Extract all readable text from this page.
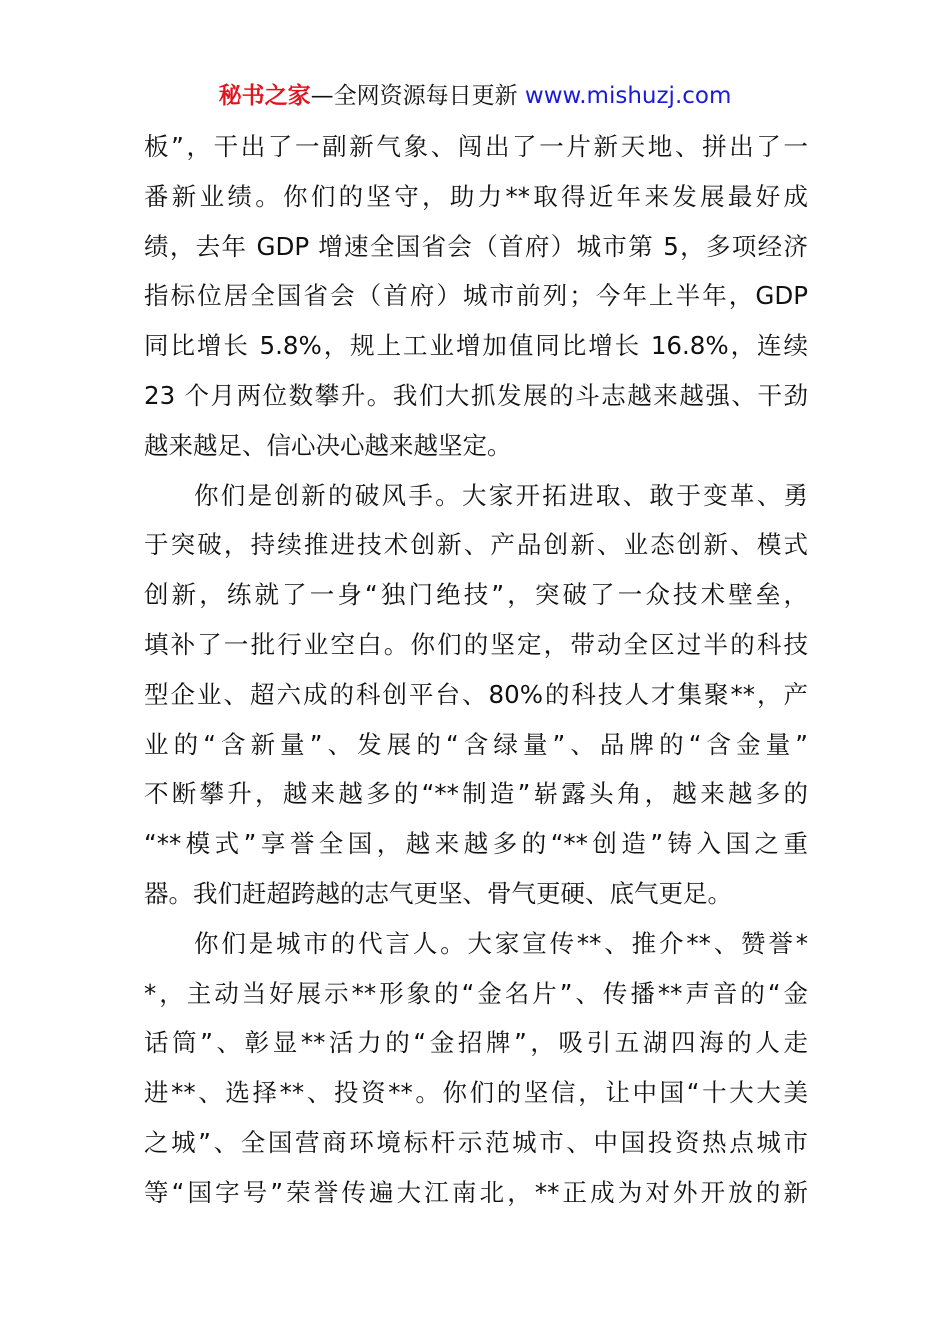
秘书之家—全网资源每日更新 www.mishuzj.com
板”，干出了一副新气象、闯出了一片新天地、拼出了一
番新业绩。你们的坚守，助力**取得近年来发展最好成
绩，去年 GDP 增速全国省会（首府）城市第 5，多项经济
指标位居全国省会（首府）城市前列；今年上半年，GDP
同比增长 5.8%，规上工业增加值同比增长 16.8%，连续
23 个月两位数攀升。我们大抓发展的斗志越来越强、干劲
越来越足、信心决心越来越坚定。
你们是创新的破风手。大家开拓进取、敢于变革、勇
于突破，持续推进技术创新、产品创新、业态创新、模式
创新，练就了一身“独门绝技”，突破了一众技术壁垒，
填补了一批行业空白。你们的坚定，带动全区过半的科技
型企业、超六成的科创平台、80%的科技人才集聚**，产
业的“含新量”、发展的“含绿量”、品牌的“含金量”
不断攀升，越来越多的“**制造”崭露头角，越来越多的
“**模式”享誉全国，越来越多的“**创造”铸入国之重
器。我们赶超跨越的志气更坚、骨气更硬、底气更足。
你们是城市的代言人。大家宣传**、推介**、赞誉*
*，主动当好展示**形象的“金名片”、传播**声音的“金
话筒”、彰显**活力的“金招牌”，吸引五湖四海的人走
进**、选择**、投资**。你们的坚信，让中国“十大大美
之城”、全国营商环境标杆示范城市、中国投资热点城市
等“国字号”荣誉传遍大江南北，**正成为对外开放的新
